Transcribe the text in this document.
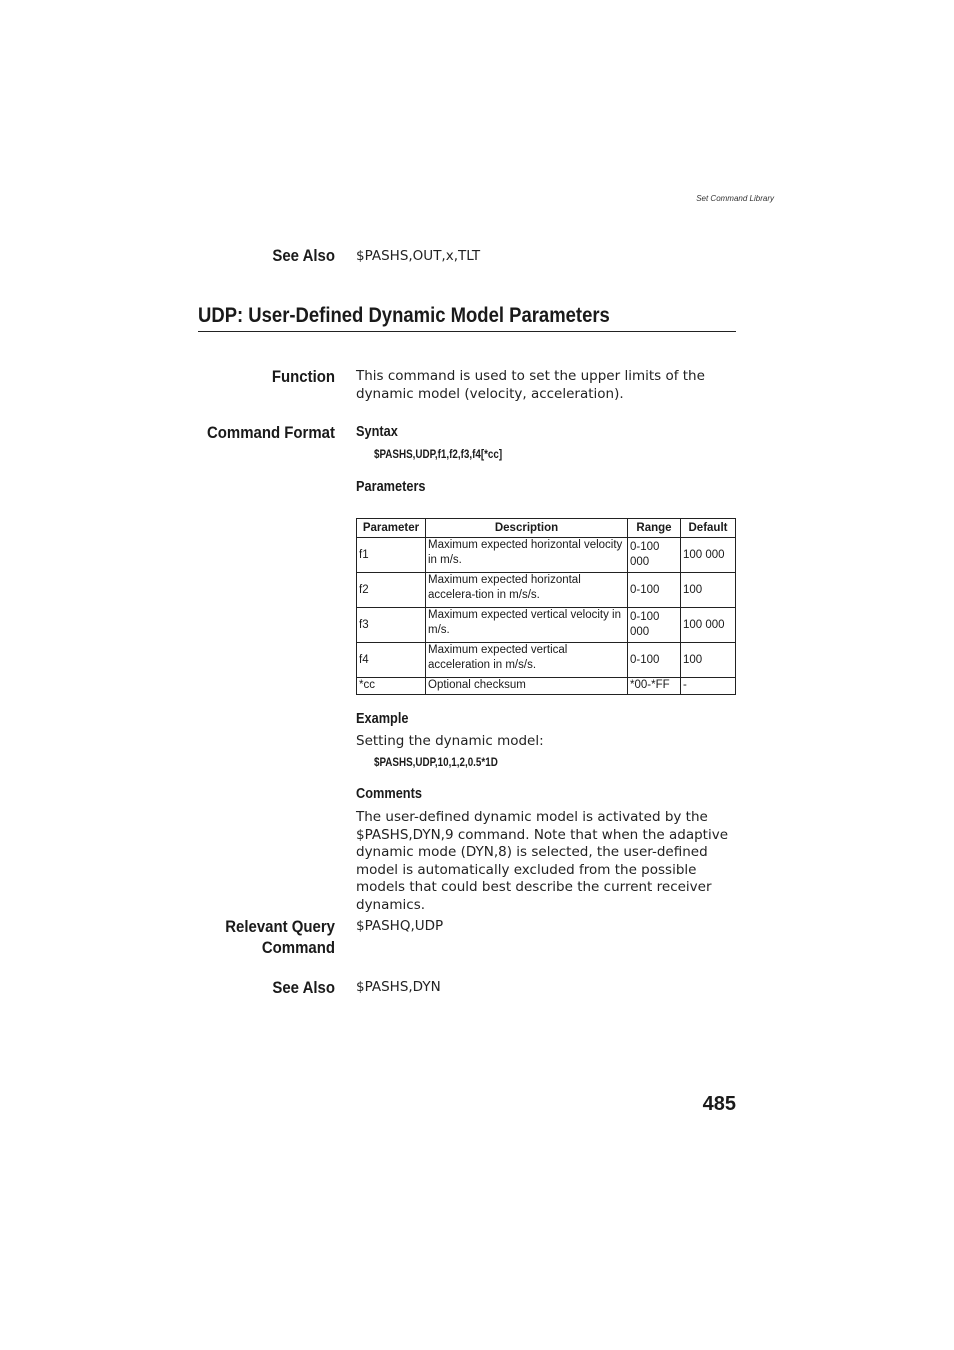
Set Command Library
See Also $PASHS,OUT,x,TLT
UDP: User-Defined Dynamic Model Parameters
Function This command is used to set the upper limits of the dynamic model (velocity, acceleration).
Command Format Syntax
$PASHS,UDP,f1,f2,f3,f4[*cc]
Parameters
Parameter	Description	Range	Default
f1	Maximum expected horizontal velocity in m/s.	0-100 000	100 000
f2	Maximum expected horizontal accelera-tion in m/s/s.	0-100	100
f3	Maximum expected vertical velocity in m/s.	0-100 000	100 000
f4	Maximum expected vertical acceleration in m/s/s.	0-100	100
*cc	Optional checksum	*00-*FF	-
Example
Setting the dynamic model:
$PASHS,UDP,10,1,2,0.5*1D
Comments
The user-defined dynamic model is activated by the $PASHS,DYN,9 command. Note that when the adaptive dynamic mode (DYN,8) is selected, the user-defined model is automatically excluded from the possible models that could best describe the current receiver dynamics.
Relevant Query
Command
$PASHQ,UDP
See Also $PASHS,DYN
485
